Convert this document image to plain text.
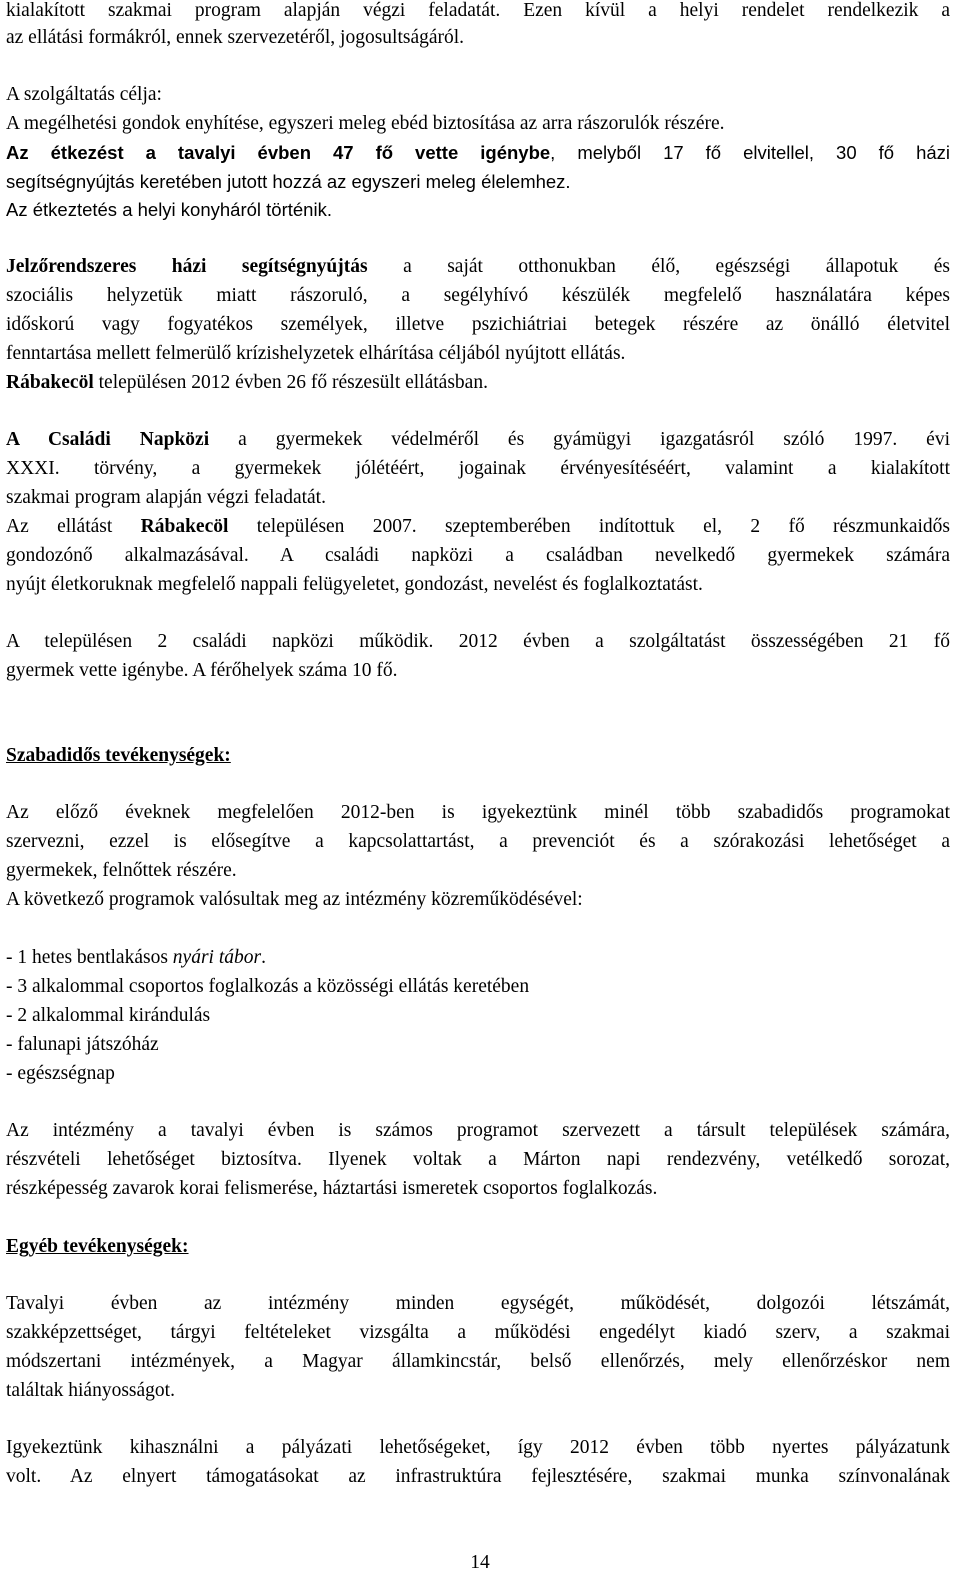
kialakított szakmai program alapján végzi feladatát. Ezen kívül a helyi rendelet rendelkezik a
az ellátási formákról, ennek szervezetéről, jogosultságáról.
A szolgáltatás célja:
A megélhetési gondok enyhítése, egyszeri meleg ebéd biztosítása az arra rászorulók részére.
Az étkezést a tavalyi évben 47 fő vette igénybe, melyből 17 fő elvitellel, 30 fő házi
segítségnyújtás keretében jutott hozzá az egyszeri meleg élelemhez.
Az étkeztetés a helyi konyháról történik.
Jelzőrendszeres házi segítségnyújtás a saját otthonukban élő, egészségi állapotuk és
szociális helyzetük miatt rászoruló, a segélyhívó készülék megfelelő használatára képes
időskorú vagy fogyatékos személyek, illetve pszichiátriai betegek részére az önálló életvitel
fenntartása mellett felmerülő krízishelyzetek elhárítása céljából nyújtott ellátás.
Rábakecöl településen 2012 évben 26 fő részesült ellátásban.
A Családi Napközi a gyermekek védelméről és gyámügyi igazgatásról szóló 1997. évi
XXXI. törvény, a gyermekek jólétéért, jogainak érvényesítéséért, valamint a kialakított
szakmai program alapján végzi feladatát.
Az ellátást Rábakecöl településen 2007. szeptemberében indítottuk el, 2 fő részmunkaidős
gondozónő alkalmazásával. A családi napközi a családban nevelkedő gyermekek számára
nyújt életkoruknak megfelelő nappali felügyeletet, gondozást, nevelést és foglalkoztatást.
A településen 2 családi napközi működik. 2012 évben a szolgáltatást összességében 21 fő
gyermek vette igénybe. A férőhelyek száma 10 fő.
Szabadidős tevékenységek:
Az előző éveknek megfelelően 2012-ben is igyekeztünk minél több szabadidős programokat
szervezni, ezzel is elősegítve a kapcsolattartást, a prevenciót és a szórakozási lehetőséget a
gyermekek, felnőttek részére.
A következő programok valósultak meg az intézmény közreműködésével:
- 1 hetes bentlakásos nyári tábor.
- 3 alkalommal csoportos foglalkozás a közösségi ellátás keretében
- 2 alkalommal kirándulás
- falunapi játszóház
- egészségnap
Az intézmény a tavalyi évben is számos programot szervezett a társult települések számára,
részvételi lehetőséget biztosítva. Ilyenek voltak a Márton napi rendezvény, vetélkedő sorozat,
részképesség zavarok korai felismerése, háztartási ismeretek csoportos foglalkozás.
Egyéb tevékenységek:
Tavalyi évben az intézmény minden egységét, működését, dolgozói létszámát,
szakképzettséget, tárgyi feltételeket vizsgálta a működési engedélyt kiadó szerv, a szakmai
módszertani intézmények, a Magyar államkincstár, belső ellenőrzés, mely ellenőrzéskor nem
találtak hiányosságot.
Igyekeztünk kihasználni a pályázati lehetőségeket, így 2012 évben több nyertes pályázatunk
volt. Az elnyert támogatásokat az infrastruktúra fejlesztésére, szakmai munka színvonalának
14
